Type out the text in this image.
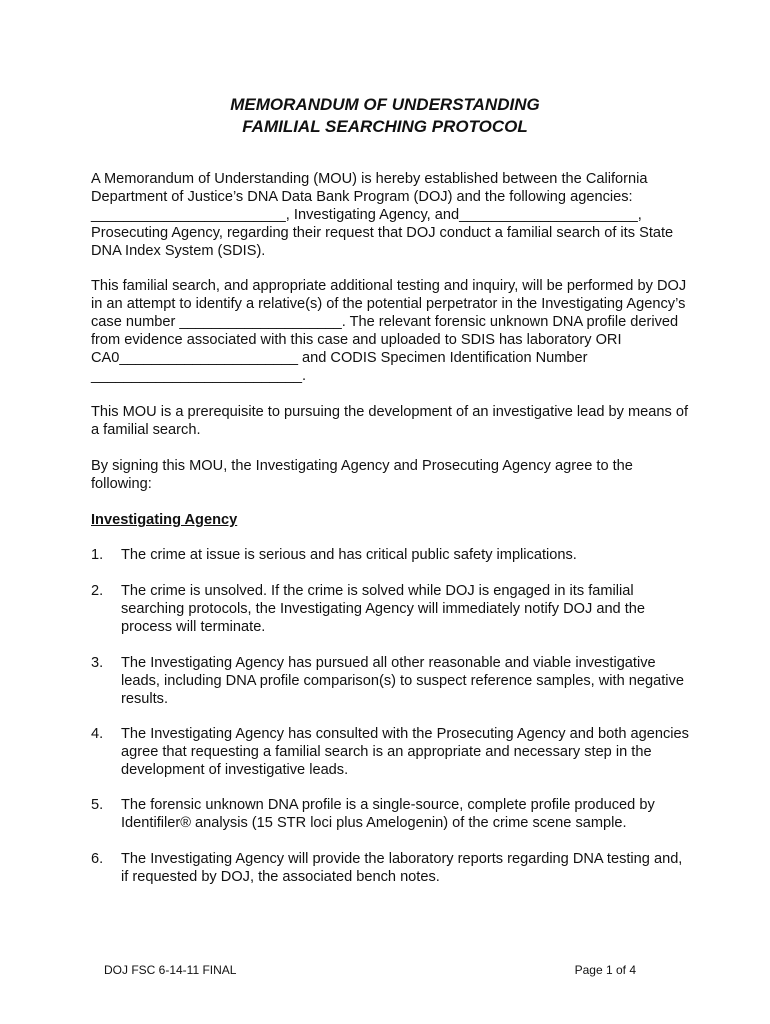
MEMORANDUM OF UNDERSTANDING
FAMILIAL SEARCHING PROTOCOL

A Memorandum of Understanding (MOU) is hereby established between the California Department of Justice’s DNA Data Bank Program (DOJ) and the following agencies: ________________________, Investigating Agency, and______________________, Prosecuting Agency, regarding their request that DOJ conduct a familial search of its State DNA Index System (SDIS).

This familial search, and appropriate additional testing and inquiry, will be performed by DOJ in an attempt to identify a relative(s) of the potential perpetrator in the Investigating Agency’s case number ____________________. The relevant forensic unknown DNA profile derived from evidence associated with this case and uploaded to SDIS has laboratory ORI CA0______________________ and CODIS Specimen Identification Number __________________________.

This MOU is a prerequisite to pursuing the development of an investigative lead by means of a familial search.

By signing this MOU, the Investigating Agency and Prosecuting Agency agree to the following:

Investigating Agency
1.	The crime at issue is serious and has critical public safety implications.
2.	The crime is unsolved. If the crime is solved while DOJ is engaged in its familial searching protocols, the Investigating Agency will immediately notify DOJ and the process will terminate.
3.	The Investigating Agency has pursued all other reasonable and viable investigative leads, including DNA profile comparison(s) to suspect reference samples, with negative results.
4.	The Investigating Agency has consulted with the Prosecuting Agency and both agencies agree that requesting a familial search is an appropriate and necessary step in the development of investigative leads.
5.	The forensic unknown DNA profile is a single-source, complete profile produced by Identifiler® analysis (15 STR loci plus Amelogenin) of the crime scene sample.
6.	The Investigating Agency will provide the laboratory reports regarding DNA testing and, if requested by DOJ, the associated bench notes.
DOJ FSC 6-14-11 FINAL	Page 1 of 4
